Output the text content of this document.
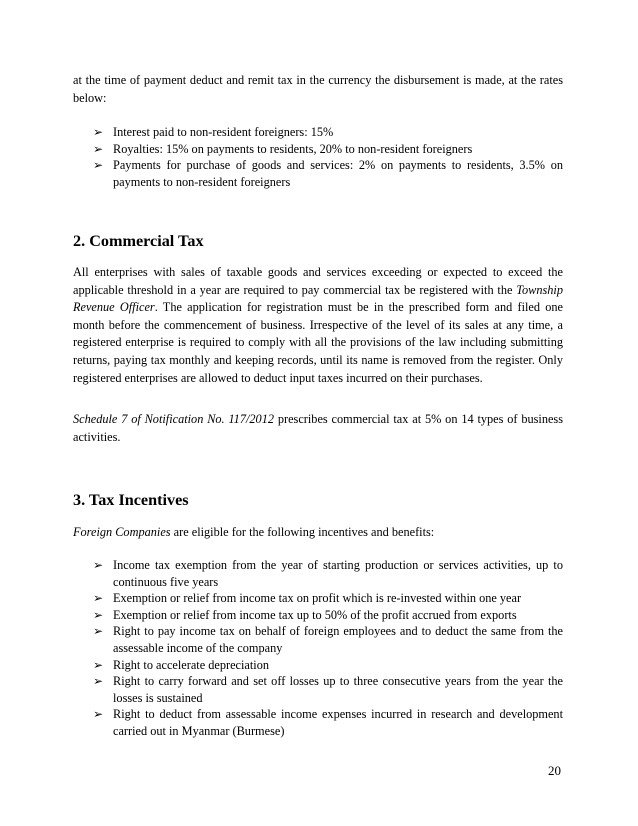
at the time of payment deduct and remit tax in the currency the disbursement is made, at the rates below:

➢ Interest paid to non-resident foreigners: 15%
➢ Royalties: 15% on payments to residents, 20% to non-resident foreigners
➢ Payments for purchase of goods and services: 2% on payments to residents, 3.5% on payments to non-resident foreigners
2. Commercial Tax

All enterprises with sales of taxable goods and services exceeding or expected to exceed the applicable threshold in a year are required to pay commercial tax be registered with the Township Revenue Officer. The application for registration must be in the prescribed form and filed one month before the commencement of business. Irrespective of the level of its sales at any time, a registered enterprise is required to comply with all the provisions of the law including submitting returns, paying tax monthly and keeping records, until its name is removed from the register. Only registered enterprises are allowed to deduct input taxes incurred on their purchases.

Schedule 7 of Notification No. 117/2012 prescribes commercial tax at 5% on 14 types of business activities.

3. Tax Incentives

Foreign Companies are eligible for the following incentives and benefits:

➢ Income tax exemption from the year of starting production or services activities, up to continuous five years
➢ Exemption or relief from income tax on profit which is re-invested within one year
➢ Exemption or relief from income tax up to 50% of the profit accrued from exports
➢ Right to pay income tax on behalf of foreign employees and to deduct the same from the assessable income of the company
➢ Right to accelerate depreciation
➢ Right to carry forward and set off losses up to three consecutive years from the year the losses is sustained
➢ Right to deduct from assessable income expenses incurred in research and development carried out in Myanmar (Burmese)
20
